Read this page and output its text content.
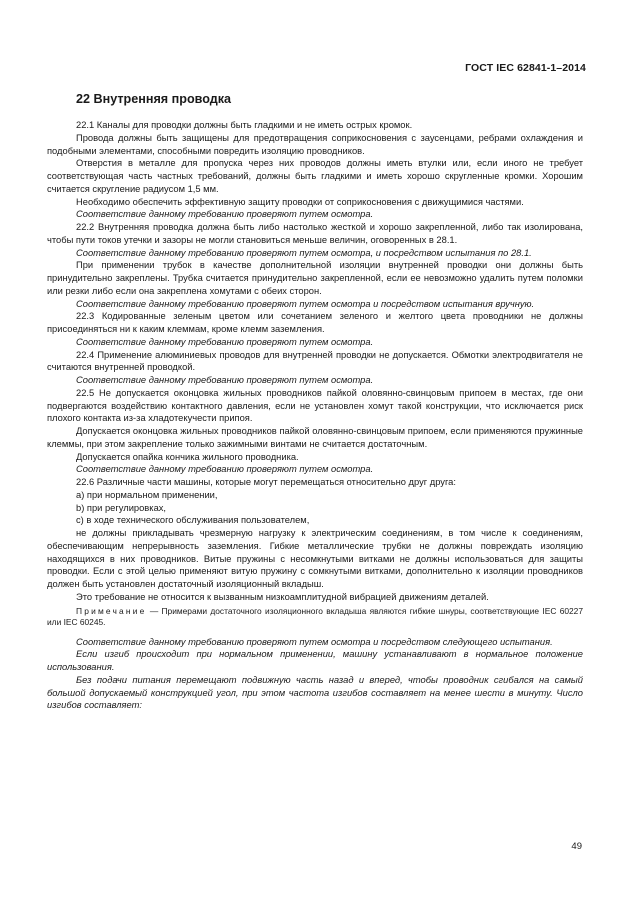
ГОСТ IEC 62841-1–2014
22 Внутренняя проводка

22.1 Каналы для проводки должны быть гладкими и не иметь острых кромок.

Провода должны быть защищены для предотвращения соприкосновения с заусенцами, ребрами охлаждения и подобными элементами, способными повредить изоляцию проводников.

Отверстия в металле для пропуска через них проводов должны иметь втулки или, если иного не требует соответствующая часть частных требований, должны быть гладкими и иметь хорошо скругленные кромки. Хорошим считается скругление радиусом 1,5 мм.

Необходимо обеспечить эффективную защиту проводки от соприкосновения с движущимися частями.

Соответствие данному требованию проверяют путем осмотра.

22.2 Внутренняя проводка должна быть либо настолько жесткой и хорошо закрепленной, либо так изолирована, чтобы пути токов утечки и зазоры не могли становиться меньше величин, оговоренных в 28.1.

Соответствие данному требованию проверяют путем осмотра, и посредством испытания по 28.1.

При применении трубок в качестве дополнительной изоляции внутренней проводки они должны быть принудительно закреплены. Трубка считается принудительно закрепленной, если ее невозможно удалить путем поломки или резки либо если она закреплена хомутами с обеих сторон.

Соответствие данному требованию проверяют путем осмотра и посредством испытания вручную.

22.3 Кодированные зеленым цветом или сочетанием зеленого и желтого цвета проводники не должны присоединяться ни к каким клеммам, кроме клемм заземления.

Соответствие данному требованию проверяют путем осмотра.

22.4 Применение алюминиевых проводов для внутренней проводки не допускается. Обмотки электродвигателя не считаются внутренней проводкой.

Соответствие данному требованию проверяют путем осмотра.

22.5 Не допускается оконцовка жильных проводников пайкой оловянно-свинцовым припоем в местах, где они подвергаются воздействию контактного давления, если не установлен хомут такой конструкции, что исключается риск плохого контакта из-за хладотекучести припоя.

Допускается оконцовка жильных проводников пайкой оловянно-свинцовым припоем, если применяются пружинные клеммы, при этом закрепление только зажимными винтами не считается достаточным.

Допускается опайка кончика жильного проводника.

Соответствие данному требованию проверяют путем осмотра.

22.6 Различные части машины, которые могут перемещаться относительно друг друга:

а) при нормальном применении,

b) при регулировках,

c) в ходе технического обслуживания пользователем,

не должны прикладывать чрезмерную нагрузку к электрическим соединениям, в том числе к соединениям, обеспечивающим непрерывность заземления. Гибкие металлические трубки не должны повреждать изоляцию находящихся в них проводников. Витые пружины с несомкнутыми витками не должны использоваться для защиты проводки. Если с этой целью применяют витую пружину с сомкнутыми витками, дополнительно к изоляции проводников должен быть установлен достаточный изоляционный вкладыш.

Это требование не относится к вызванным низкоамплитудной вибрацией движениям деталей.

Примечание — Примерами достаточного изоляционного вкладыша являются гибкие шнуры, соответствующие IEC 60227 или IEC 60245.

Соответствие данному требованию проверяют путем осмотра и посредством следующего испытания.

Если изгиб происходит при нормальном применении, машину устанавливают в нормальное положение использования.

Без подачи питания перемещают подвижную часть назад и вперед, чтобы проводник сгибался на самый большой допускаемый конструкцией угол, при этом частота изгибов составляет на менее шести в минуту. Число изгибов составляет:

49
